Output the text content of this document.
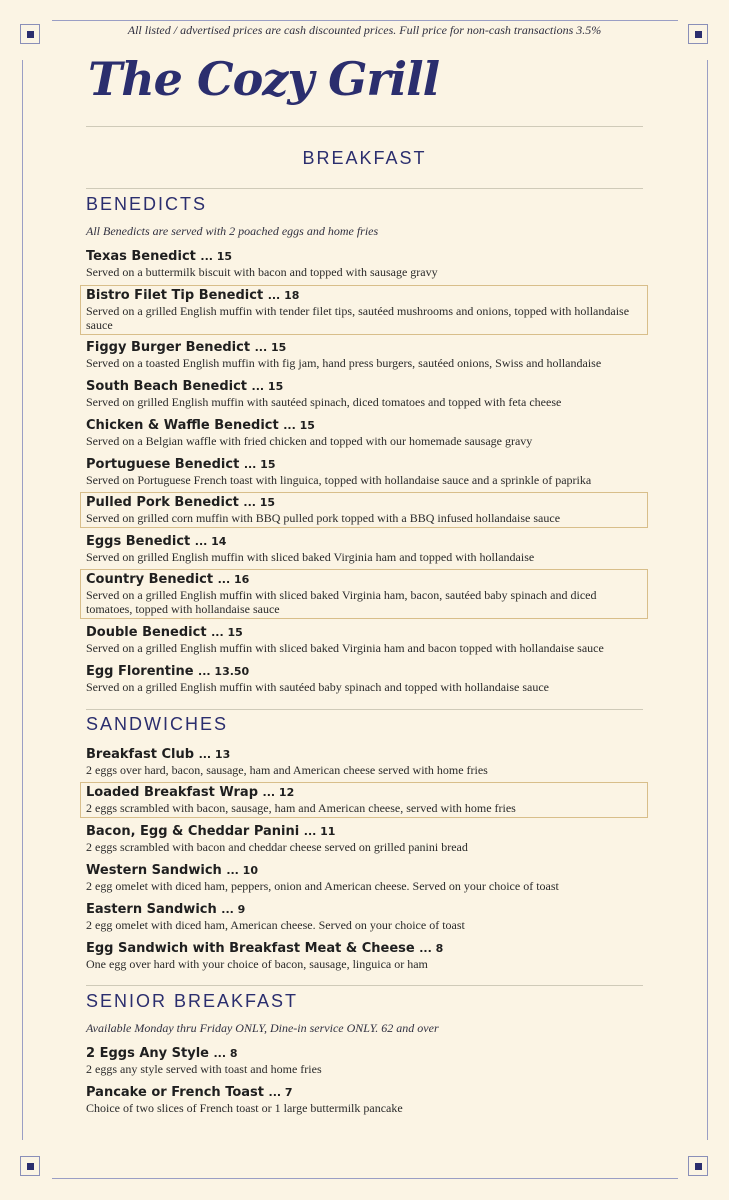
All listed / advertised prices are cash discounted prices. Full price for non-cash transactions 3.5%
The Cozy Grill
BREAKFAST
BENEDICTS
All Benedicts are served with 2 poached eggs and home fries
Texas Benedict ... 15
Served on a buttermilk biscuit with bacon and topped with sausage gravy
Bistro Filet Tip Benedict ... 18
Served on a grilled English muffin with tender filet tips, sautéed mushrooms and onions, topped with hollandaise sauce
Figgy Burger Benedict ... 15
Served on a toasted English muffin with fig jam, hand press burgers, sautéed onions, Swiss and hollandaise
South Beach Benedict ... 15
Served on grilled English muffin with sautéed spinach, diced tomatoes and topped with feta cheese
Chicken & Waffle Benedict ... 15
Served on a Belgian waffle with fried chicken and topped with our homemade sausage gravy
Portuguese Benedict ... 15
Served on Portuguese French toast with linguica, topped with hollandaise sauce and a sprinkle of paprika
Pulled Pork Benedict ... 15
Served on grilled corn muffin with BBQ pulled pork topped with a BBQ infused hollandaise sauce
Eggs Benedict ... 14
Served on grilled English muffin with sliced baked Virginia ham and topped with hollandaise
Country Benedict ... 16
Served on a grilled English muffin with sliced baked Virginia ham, bacon, sautéed baby spinach and diced tomatoes, topped with hollandaise sauce
Double Benedict ... 15
Served on a grilled English muffin with sliced baked Virginia ham and bacon topped with hollandaise sauce
Egg Florentine ... 13.50
Served on a grilled English muffin with sautéed baby spinach and topped with hollandaise sauce
SANDWICHES
Breakfast Club ... 13
2 eggs over hard, bacon, sausage, ham and American cheese served with home fries
Loaded Breakfast Wrap ... 12
2 eggs scrambled with bacon, sausage, ham and American cheese, served with home fries
Bacon, Egg & Cheddar Panini ... 11
2 eggs scrambled with bacon and cheddar cheese served on grilled panini bread
Western Sandwich ... 10
2 egg omelet with diced ham, peppers, onion and American cheese. Served on your choice of toast
Eastern Sandwich ... 9
2 egg omelet with diced ham, American cheese. Served on your choice of toast
Egg Sandwich with Breakfast Meat & Cheese ... 8
One egg over hard with your choice of bacon, sausage, linguica or ham
SENIOR BREAKFAST
Available Monday thru Friday ONLY, Dine-in service ONLY. 62 and over
2 Eggs Any Style ... 8
2 eggs any style served with toast and home fries
Pancake or French Toast ... 7
Choice of two slices of French toast or 1 large buttermilk pancake
